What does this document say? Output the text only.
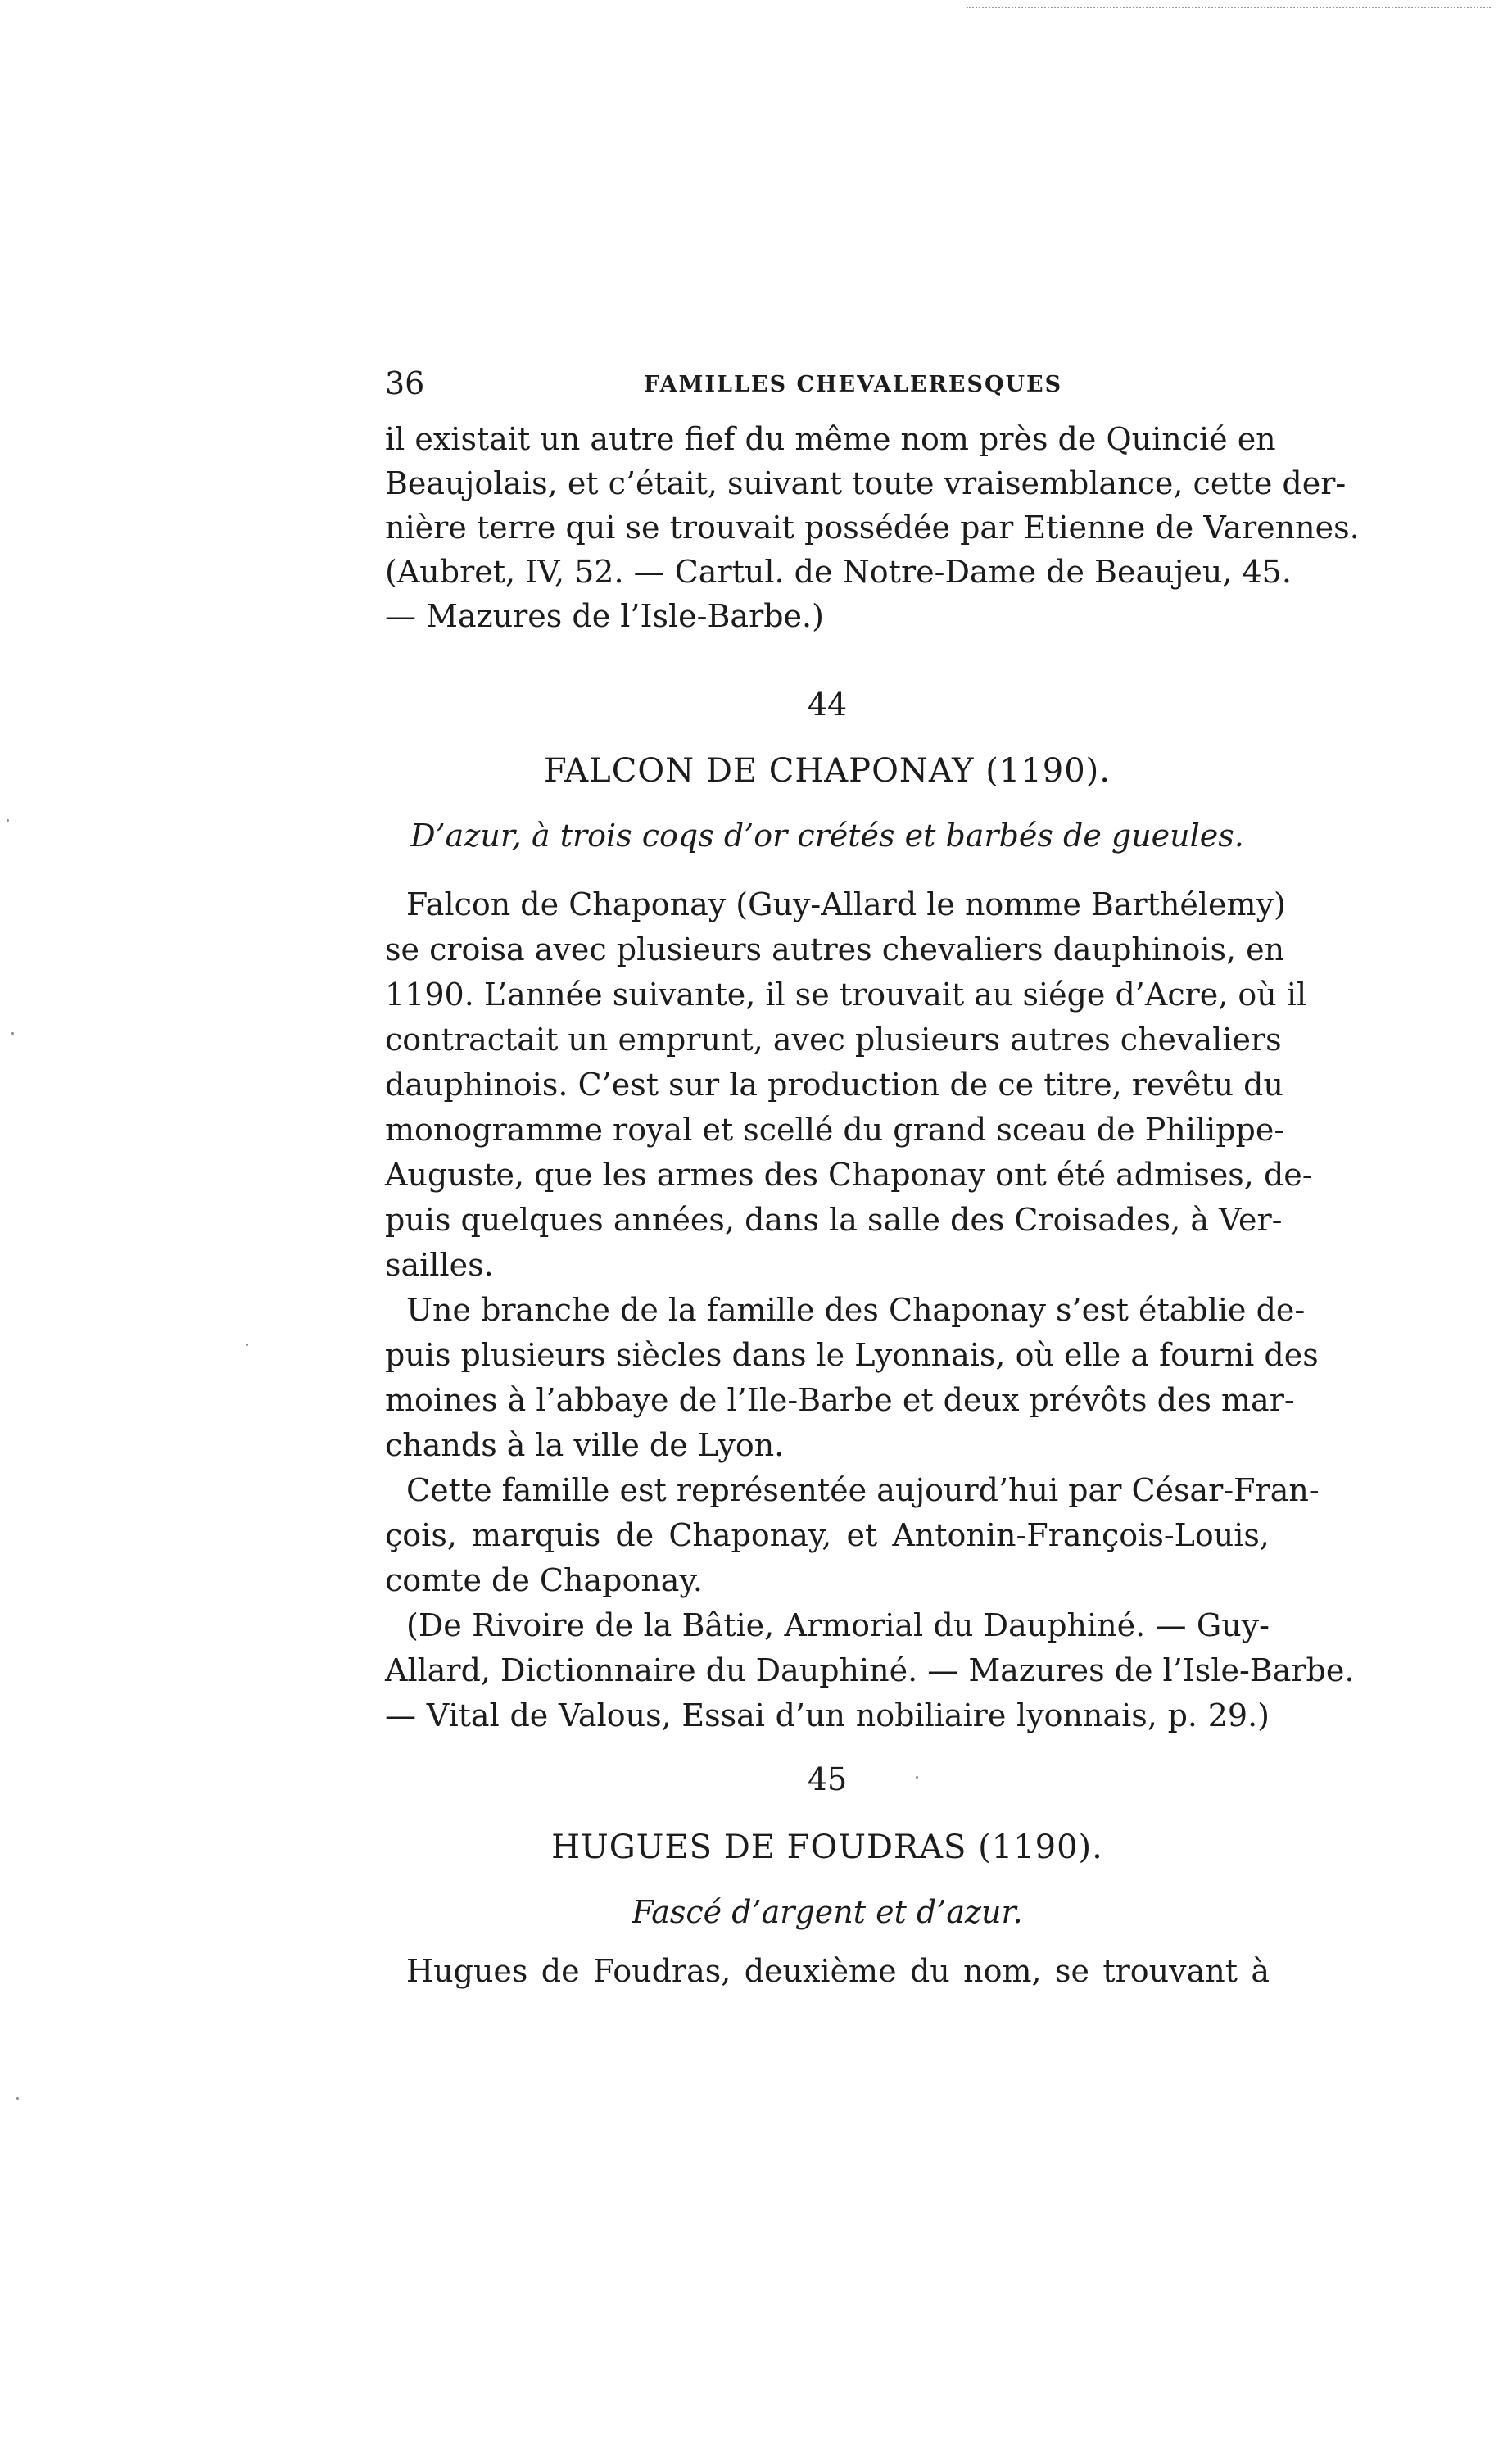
36	FAMILLES CHEVALERESQUES
il existait un autre fief du même nom près de Quincié en
Beaujolais, et c’était, suivant toute vraisemblance, cette der-
nière terre qui se trouvait possédée par Etienne de Varennes.
(Aubret, IV, 52. — Cartul. de Notre-Dame de Beaujeu, 45.
— Mazures de l’Isle-Barbe.)
44
FALCON DE CHAPONAY (1190).
D’azur, à trois coqs d’or crétés et barbés de gueules.
Falcon de Chaponay (Guy-Allard le nomme Barthélemy)
se croisa avec plusieurs autres chevaliers dauphinois, en
1190. L’année suivante, il se trouvait au siége d’Acre, où il
contractait un emprunt, avec plusieurs autres chevaliers
dauphinois. C’est sur la production de ce titre, revêtu du
monogramme royal et scellé du grand sceau de Philippe-
Auguste, que les armes des Chaponay ont été admises, de-
puis quelques années, dans la salle des Croisades, à Ver-
sailles.
Une branche de la famille des Chaponay s’est établie de-
puis plusieurs siècles dans le Lyonnais, où elle a fourni des
moines à l’abbaye de l’Ile-Barbe et deux prévôts des mar-
chands à la ville de Lyon.
Cette famille est représentée aujourd’hui par César-Fran-
çois, marquis de Chaponay, et Antonin-François-Louis,
comte de Chaponay.
(De Rivoire de la Bâtie, Armorial du Dauphiné. — Guy-
Allard, Dictionnaire du Dauphiné. — Mazures de l’Isle-Barbe.
— Vital de Valous, Essai d’un nobiliaire lyonnais, p. 29.)
45
HUGUES DE FOUDRAS (1190).
Fascé d’argent et d’azur.
Hugues de Foudras, deuxième du nom, se trouvant à
